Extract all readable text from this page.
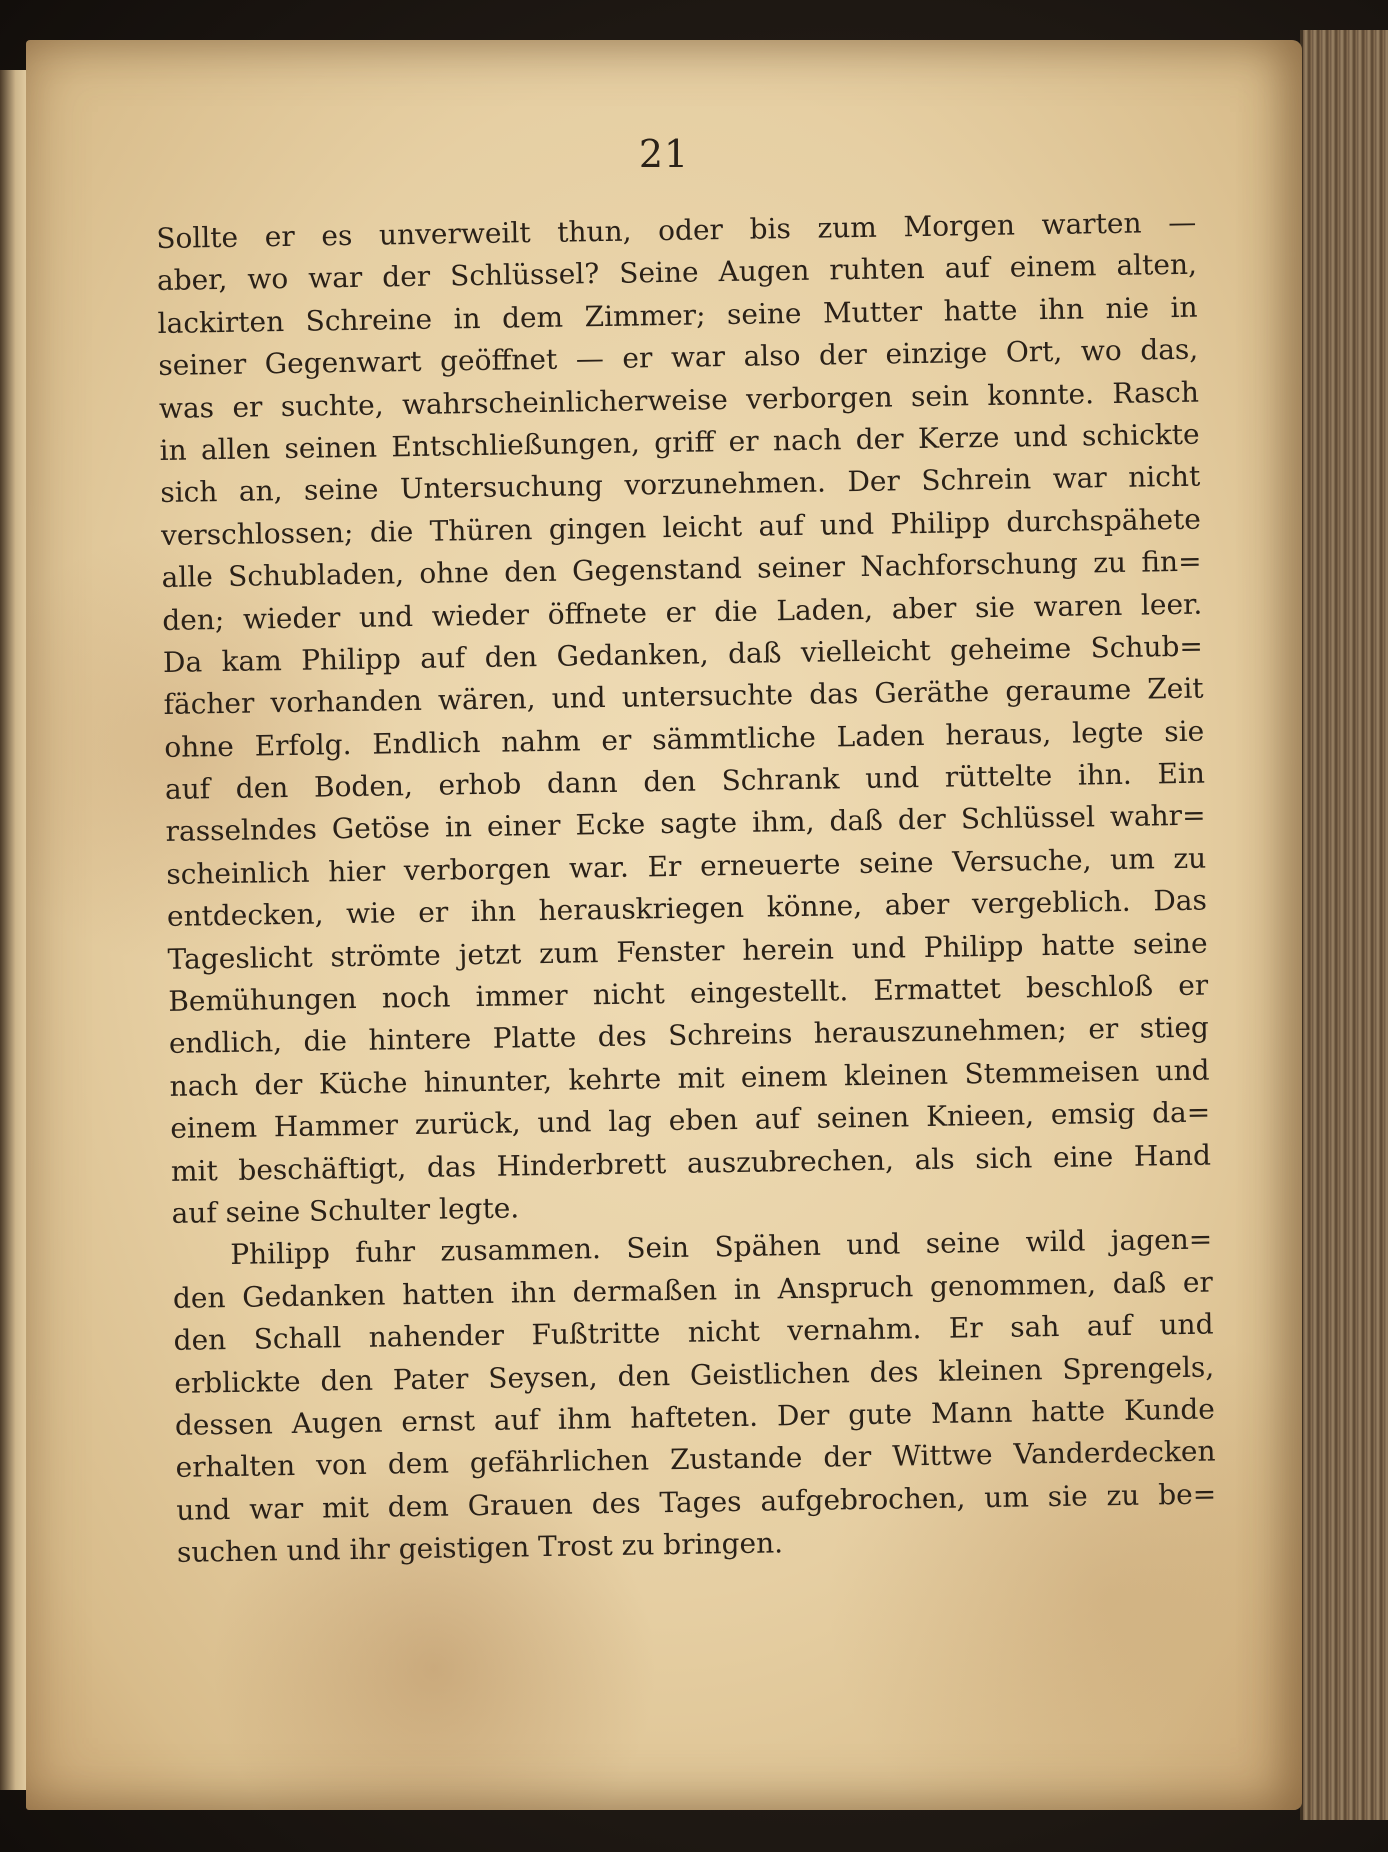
21
Sollte er es unverweilt thun, oder bis zum Morgen warten —
aber, wo war der Schlüssel? Seine Augen ruhten auf einem alten,
lackirten Schreine in dem Zimmer; seine Mutter hatte ihn nie in
seiner Gegenwart geöffnet — er war also der einzige Ort, wo das,
was er suchte, wahrscheinlicherweise verborgen sein konnte. Rasch
in allen seinen Entschließungen, griff er nach der Kerze und schickte
sich an, seine Untersuchung vorzunehmen. Der Schrein war nicht
verschlossen; die Thüren gingen leicht auf und Philipp durchspähete
alle Schubladen, ohne den Gegenstand seiner Nachforschung zu fin=
den; wieder und wieder öffnete er die Laden, aber sie waren leer.
Da kam Philipp auf den Gedanken, daß vielleicht geheime Schub=
fächer vorhanden wären, und untersuchte das Geräthe geraume Zeit
ohne Erfolg. Endlich nahm er sämmtliche Laden heraus, legte sie
auf den Boden, erhob dann den Schrank und rüttelte ihn. Ein
rasselndes Getöse in einer Ecke sagte ihm, daß der Schlüssel wahr=
scheinlich hier verborgen war. Er erneuerte seine Versuche, um zu
entdecken, wie er ihn herauskriegen könne, aber vergeblich. Das
Tageslicht strömte jetzt zum Fenster herein und Philipp hatte seine
Bemühungen noch immer nicht eingestellt. Ermattet beschloß er
endlich, die hintere Platte des Schreins herauszunehmen; er stieg
nach der Küche hinunter, kehrte mit einem kleinen Stemmeisen und
einem Hammer zurück, und lag eben auf seinen Knieen, emsig da=
mit beschäftigt, das Hinderbrett auszubrechen, als sich eine Hand
auf seine Schulter legte.
Philipp fuhr zusammen. Sein Spähen und seine wild jagen=
den Gedanken hatten ihn dermaßen in Anspruch genommen, daß er
den Schall nahender Fußtritte nicht vernahm. Er sah auf und
erblickte den Pater Seysen, den Geistlichen des kleinen Sprengels,
dessen Augen ernst auf ihm hafteten. Der gute Mann hatte Kunde
erhalten von dem gefährlichen Zustande der Wittwe Vanderdecken
und war mit dem Grauen des Tages aufgebrochen, um sie zu be=
suchen und ihr geistigen Trost zu bringen.
